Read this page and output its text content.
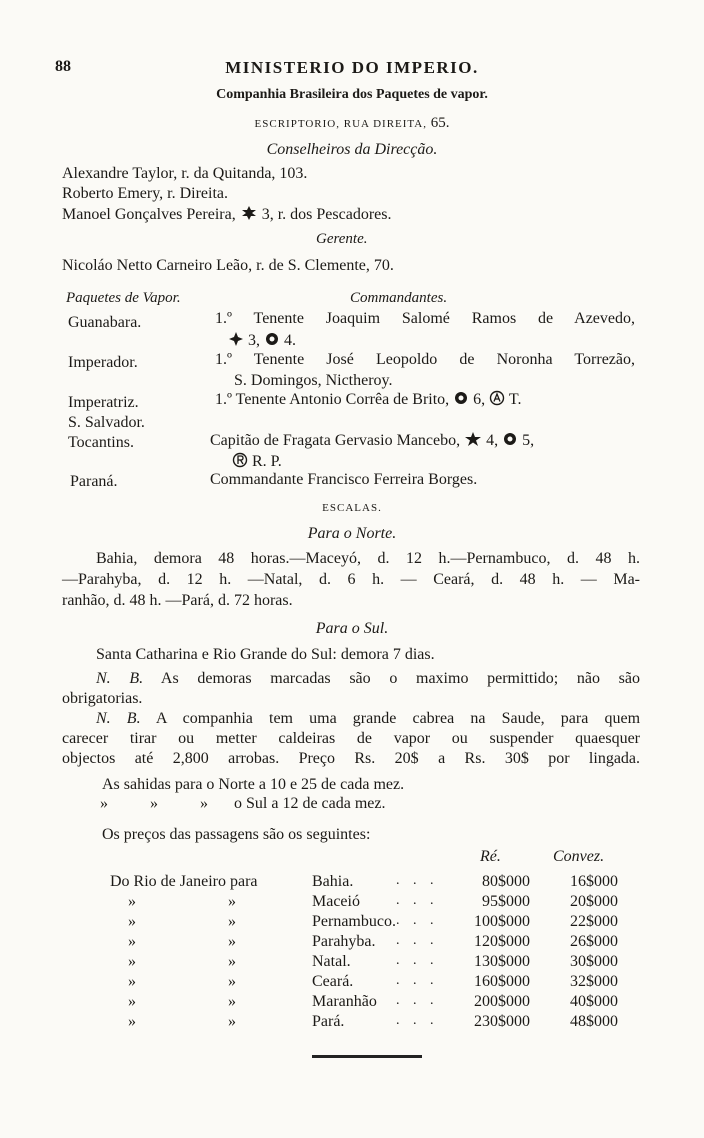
88	MINISTERIO DO IMPERIO.
Companhia Brasileira dos Paquetes de vapor.
ESCRIPTORIO, RUA DIREITA, 65.
Conselheiros da Direcção.
Alexandre Taylor, r. da Quitanda, 103.
Roberto Emery, r. Direita.
Manoel Gonçalves Pereira, 3, r. dos Pescadores.
Gerente.
Nicoláo Netto Carneiro Leão, r. de S. Clemente, 70.
Paquetes de Vapor.	Commandantes.
Guanabara.	1.º Tenente Joaquim Salomé Ramos de Azevedo,
3, 4.
Imperador.	1.º Tenente José Leopoldo de Noronha Torrezão,
S. Domingos, Nictheroy.
Imperatriz.	1.º Tenente Antonio Corrêa de Brito, 6, T.
S. Salvador.
Tocantins.	Capitão de Fragata Gervasio Mancebo, 4, 5,
R. P.
Paraná.	Commandante Francisco Ferreira Borges.
ESCALAS.
Para o Norte.
Bahia, demora 48 horas.—Maceyó, d. 12 h.—Pernambuco, d. 48 h.
—Parahyba, d. 12 h. —Natal, d. 6 h. — Ceará, d. 48 h. — Ma-
ranhão, d. 48 h. —Pará, d. 72 horas.
Para o Sul.
Santa Catharina e Rio Grande do Sul: demora 7 dias.
N. B. As demoras marcadas são o maximo permittido; não são
obrigatorias.
N. B. A companhia tem uma grande cabrea na Saude, para quem
carecer tirar ou metter caldeiras de vapor ou suspender quaesquer
objectos até 2,800 arrobas. Preço Rs. 20$ a Rs. 30$ por lingada.
As sahidas para o Norte a 10 e 25 de cada mez.
»	»	» o Sul a 12 de cada mez.
Os preços das passagens são os seguintes:
Ré.	Convez.
Do Rio de Janeiro para	Bahia.	. . .	80$000	16$000
»	»	Maceió	. . .	95$000	20$000
»	»	Pernambuco. . . .	100$000	22$000
»	»	Parahyba. . . .	120$000	26$000
»	»	Natal.	. . .	130$000	30$000
»	»	Ceará.	. . .	160$000	32$000
»	»	Maranhão . . .	200$000	40$000
»	»	Pará.	. . .	230$000	48$000
